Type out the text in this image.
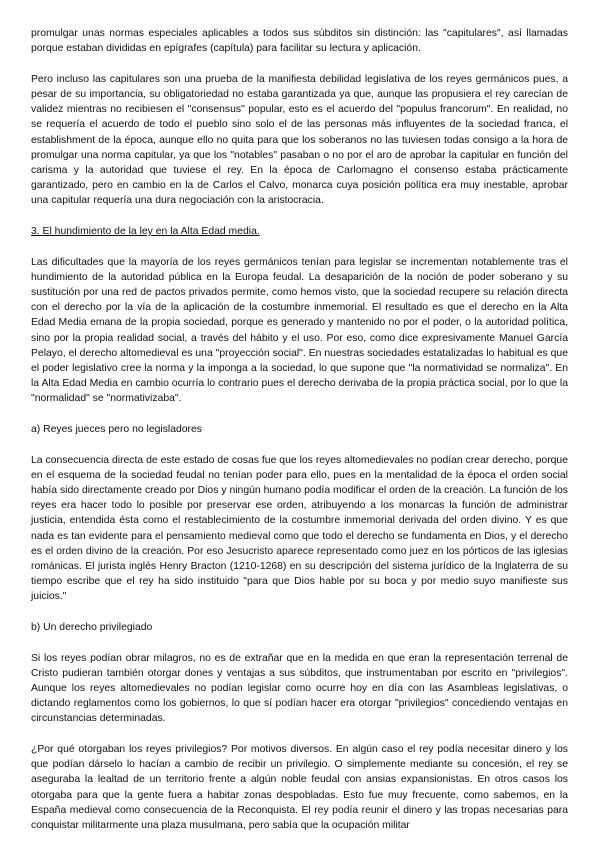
promulgar unas normas especiales aplicables a todos sus súbditos sin distinción: las "capitulares", así llamadas porque estaban divididas en epígrafes (capítula) para facilitar su lectura y aplicación.

Pero incluso las capitulares son una prueba de la manifiesta debilidad legislativa de los reyes germánicos pues, a pesar de su importancia, su obligatoriedad no estaba garantizada ya que, aunque las propusiera el rey carecían de validez mientras no recibiesen el "consensus" popular, esto es el acuerdo del "populus francorum". En realidad, no se requería el acuerdo de todo el pueblo sino solo el de las personas más influyentes de la sociedad franca, el establishment de la época, aunque ello no quita para que los soberanos no las tuviesen todas consigo a la hora de promulgar una norma capitular, ya que los "notables" pasaban o no por el aro de aprobar la capitular en función del carisma y la autoridad que tuviese el rey. En la época de Carlomagno el consenso estaba prácticamente garantizado, pero en cambio en la de Carlos el Calvo, monarca cuya posición política era muy inestable, aprobar una capitular requería una dura negociación con la aristocracia.

3. El hundimiento de la ley en la Alta Edad media.

Las dificultades que la mayoría de los reyes germánicos tenían para legislar se incrementan notablemente tras el hundimiento de la autoridad pública en la Europa feudal. La desaparición de la noción de poder soberano y su sustitución por una red de pactos privados permite, como hemos visto, que la sociedad recupere su relación directa con el derecho por la vía de la aplicación de la costumbre inmemorial. El resultado es que el derecho en la Alta Edad Media emana de la propia sociedad, porque es generado y mantenido no por el poder, o la autoridad política, sino por la propia realidad social, a través del hábito y el uso. Por eso, como dice expresivamente Manuel García Pelayo, el derecho altomedieval es una "proyección social". En nuestras sociedades estatalizadas lo habitual es que el poder legislativo cree la norma y la imponga a la sociedad, lo que supone que "la normatividad se normaliza". En la Alta Edad Media en cambio ocurría lo contrario pues el derecho derivaba de la propia práctica social, por lo que la "normalidad" se "normativizaba".

a) Reyes jueces pero no legisladores

La consecuencia directa de este estado de cosas fue que los reyes altomedievales no podían crear derecho, porque en el esquema de la sociedad feudal no tenían poder para ello, pues en la mentalidad de la época el orden social había sido directamente creado por Dios y ningún humano podía modificar el orden de la creación. La función de los reyes era hacer todo lo posible por preservar ese orden, atribuyendo a los monarcas la función de administrar justicia, entendida ésta como el restablecimiento de la costumbre inmemorial derivada del orden divino. Y es que nada es tan evidente para el pensamiento medieval como que todo el derecho se fundamenta en Dios, y el derecho es el orden divino de la creación. Por eso Jesucristo aparece representado como juez en los pórticos de las iglesias románicas. El jurista inglés Henry Bracton (1210-1268) en su descripción del sistema jurídico de la Inglaterra de su tiempo escribe que el rey ha sido instituido "para que Dios hable por su boca y por medio suyo manifieste sus juicios."

b) Un derecho privilegiado

Si los reyes podían obrar milagros, no es de extrañar que en la medida en que eran la representación terrenal de Cristo pudieran también otorgar dones y ventajas a sus súbditos, que instrumentaban por escrito en "privilegios". Aunque los reyes altomedievales no podían legislar como ocurre hoy en día con las Asambleas legislativas, o dictando reglamentos como los gobiernos, lo que sí podían hacer era otorgar "privilegios" concediendo ventajas en circunstancias determinadas.

¿Por qué otorgaban los reyes privilegios? Por motivos diversos. En algún caso el rey podía necesitar dinero y los que podían dárselo lo hacían a cambio de recibir un privilegio. O simplemente mediante su concesión, el rey se aseguraba la lealtad de un territorio frente a algún noble feudal con ansias expansionistas. En otros casos los otorgaba para que la gente fuera a habitar zonas despobladas. Esto fue muy frecuente, como sabemos, en la España medieval como consecuencia de la Reconquista. El rey podía reunir el dinero y las tropas necesarias para conquistar militarmente una plaza musulmana, pero sabía que la ocupación militar
